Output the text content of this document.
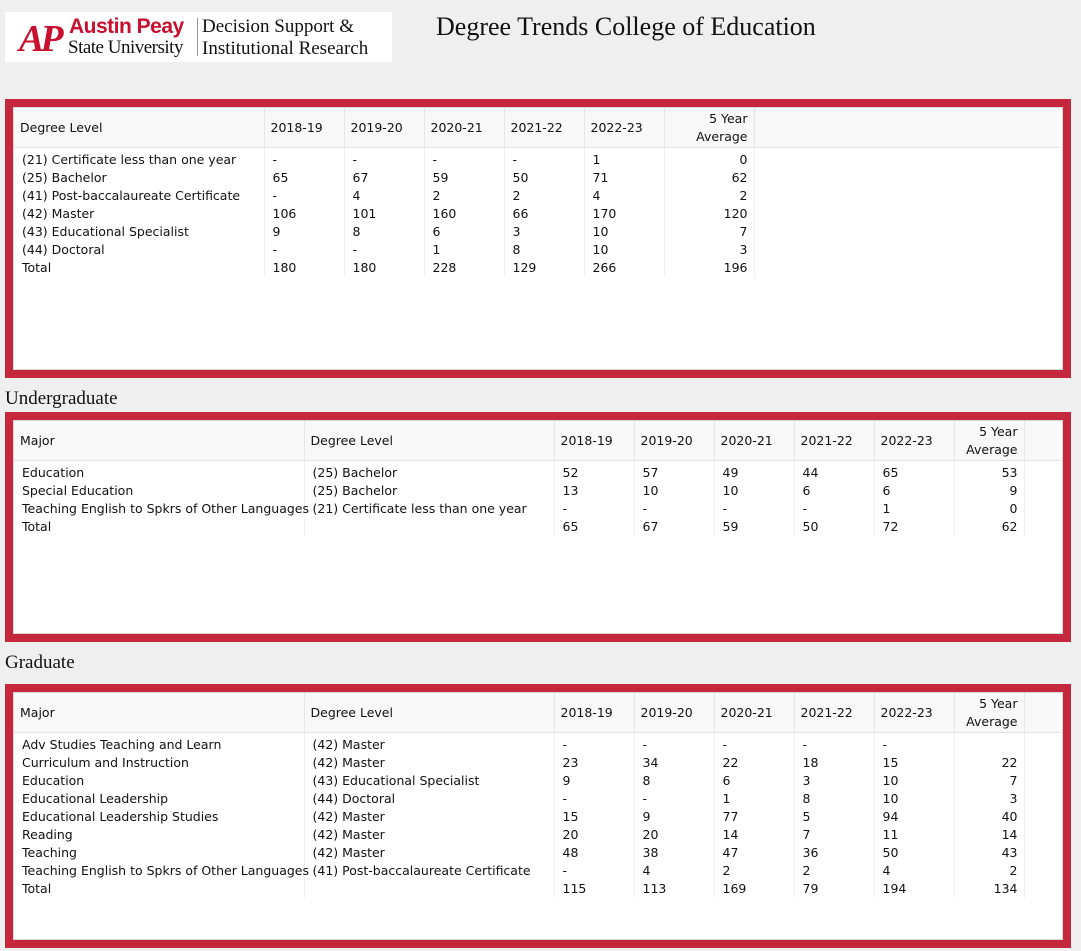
AP Austin Peay
State University
Decision Support &
Institutional Research
Degree Trends College of Education
Degree Level	2018-19	2019-20	2020-21	2021-22	2022-23	5 Year
Average	
(21) Certificate less than one year	-	-	-	-	1	0	
(25) Bachelor	65	67	59	50	71	62	
(41) Post-baccalaureate Certificate	-	4	2	2	4	2	
(42) Master	106	101	160	66	170	120	
(43) Educational Specialist	9	8	6	3	10	7	
(44) Doctoral	-	-	1	8	10	3	
Total	180	180	228	129	266	196	
Undergraduate
Major	Degree Level	2018-19	2019-20	2020-21	2021-22	2022-23	5 Year
Average	
Education	(25) Bachelor	52	57	49	44	65	53	
Special Education	(25) Bachelor	13	10	10	6	6	9	
Teaching English to Spkrs of Other Languages	(21) Certificate less than one year	-	-	-	-	1	0	
Total		65	67	59	50	72	62	
Graduate
Major	Degree Level	2018-19	2019-20	2020-21	2021-22	2022-23	5 Year
Average	
Adv Studies Teaching and Learn	(42) Master	-	-	-	-	-		
Curriculum and Instruction	(42) Master	23	34	22	18	15	22	
Education	(43) Educational Specialist	9	8	6	3	10	7	
Educational Leadership	(44) Doctoral	-	-	1	8	10	3	
Educational Leadership Studies	(42) Master	15	9	77	5	94	40	
Reading	(42) Master	20	20	14	7	11	14	
Teaching	(42) Master	48	38	47	36	50	43	
Teaching English to Spkrs of Other Languages	(41) Post-baccalaureate Certificate	-	4	2	2	4	2	
Total		115	113	169	79	194	134	
